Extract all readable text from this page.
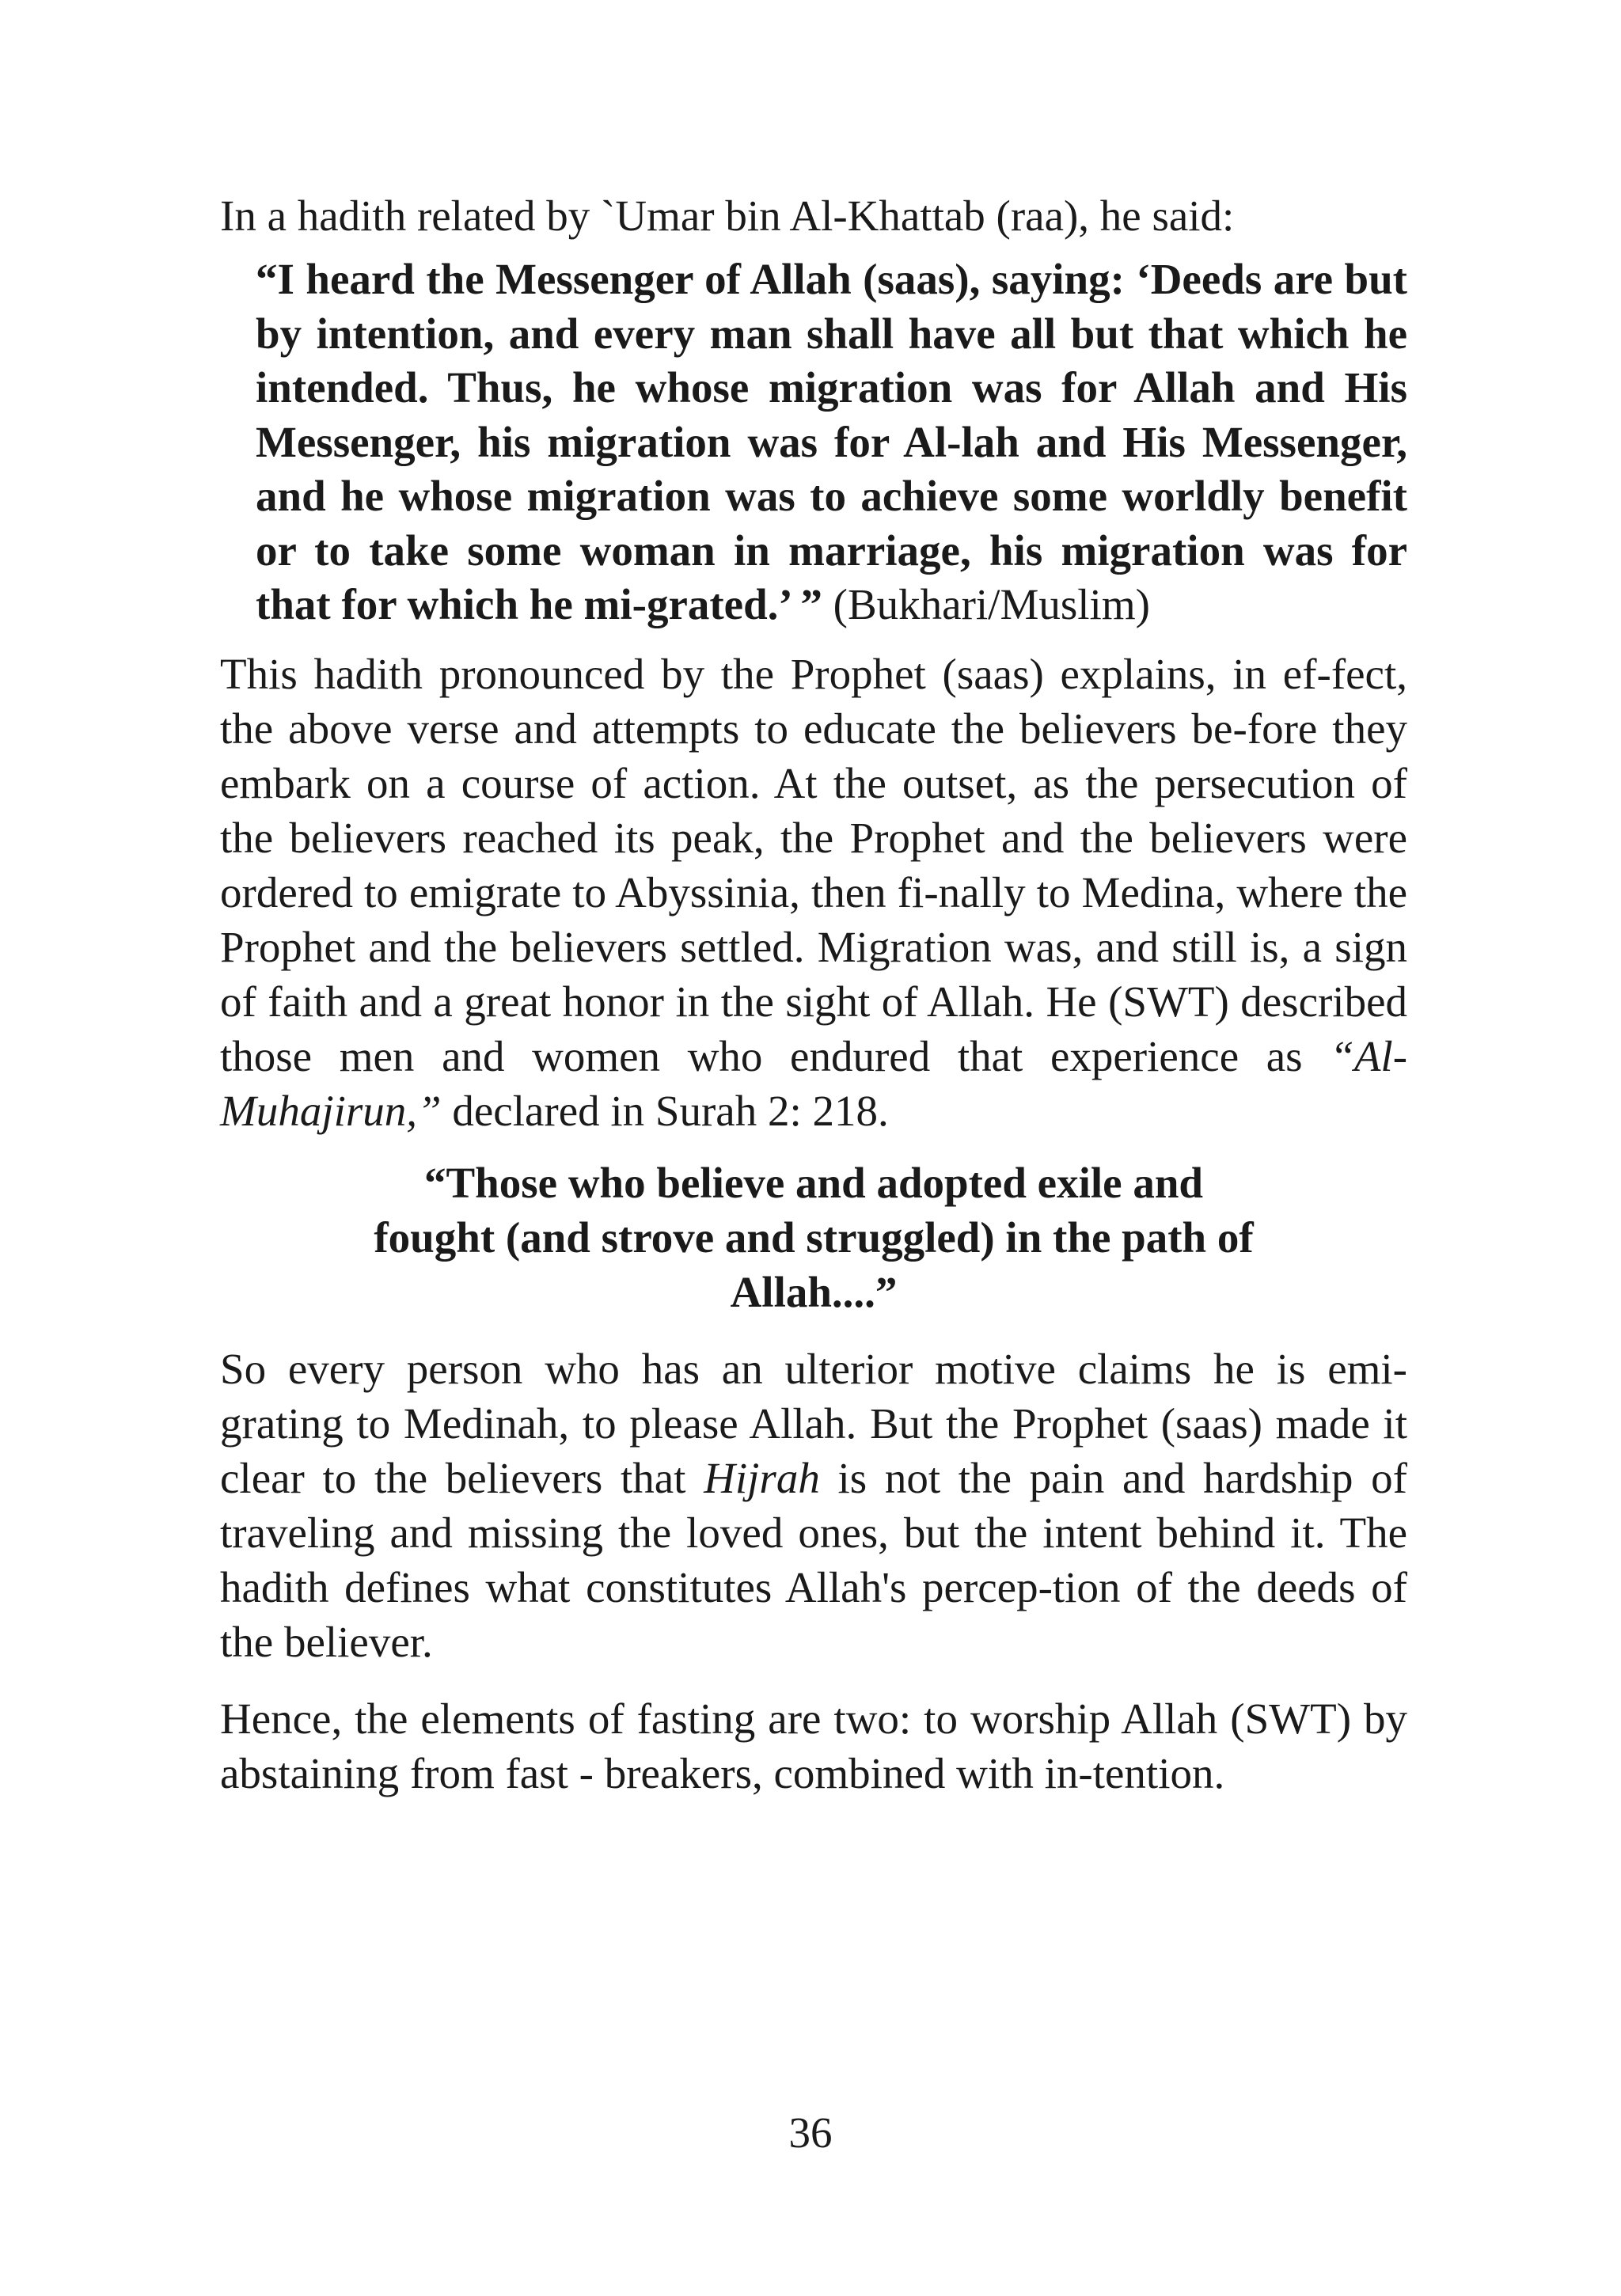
In a hadith related by `Umar bin Al-Khattab (raa), he said:

“I heard the Messenger of Allah (saas), saying: ‘Deeds are but by intention, and every man shall have all but that which he intended. Thus, he whose migration was for Allah and His Messenger, his migration was for Al-lah and His Messenger, and he whose migration was to achieve some worldly benefit or to take some woman in marriage, his migration was for that for which he mi-grated.’ ” (Bukhari/Muslim)

This hadith pronounced by the Prophet (saas) explains, in ef-fect, the above verse and attempts to educate the believers be-fore they embark on a course of action. At the outset, as the persecution of the believers reached its peak, the Prophet and the believers were ordered to emigrate to Abyssinia, then fi-nally to Medina, where the Prophet and the believers settled. Migration was, and still is, a sign of faith and a great honor in the sight of Allah. He (SWT) described those men and women who endured that experience as “Al-Muhajirun,” declared in Surah 2: 218.

“Those who believe and adopted exile and
fought (and strove and struggled) in the path of
Allah....”

So every person who has an ulterior motive claims he is emi-grating to Medinah, to please Allah. But the Prophet (saas) made it clear to the believers that Hijrah is not the pain and hardship of traveling and missing the loved ones, but the intent behind it. The hadith defines what constitutes Allah's percep-tion of the deeds of the believer.

Hence, the elements of fasting are two: to worship Allah (SWT) by abstaining from fast - breakers, combined with in-tention.

36
